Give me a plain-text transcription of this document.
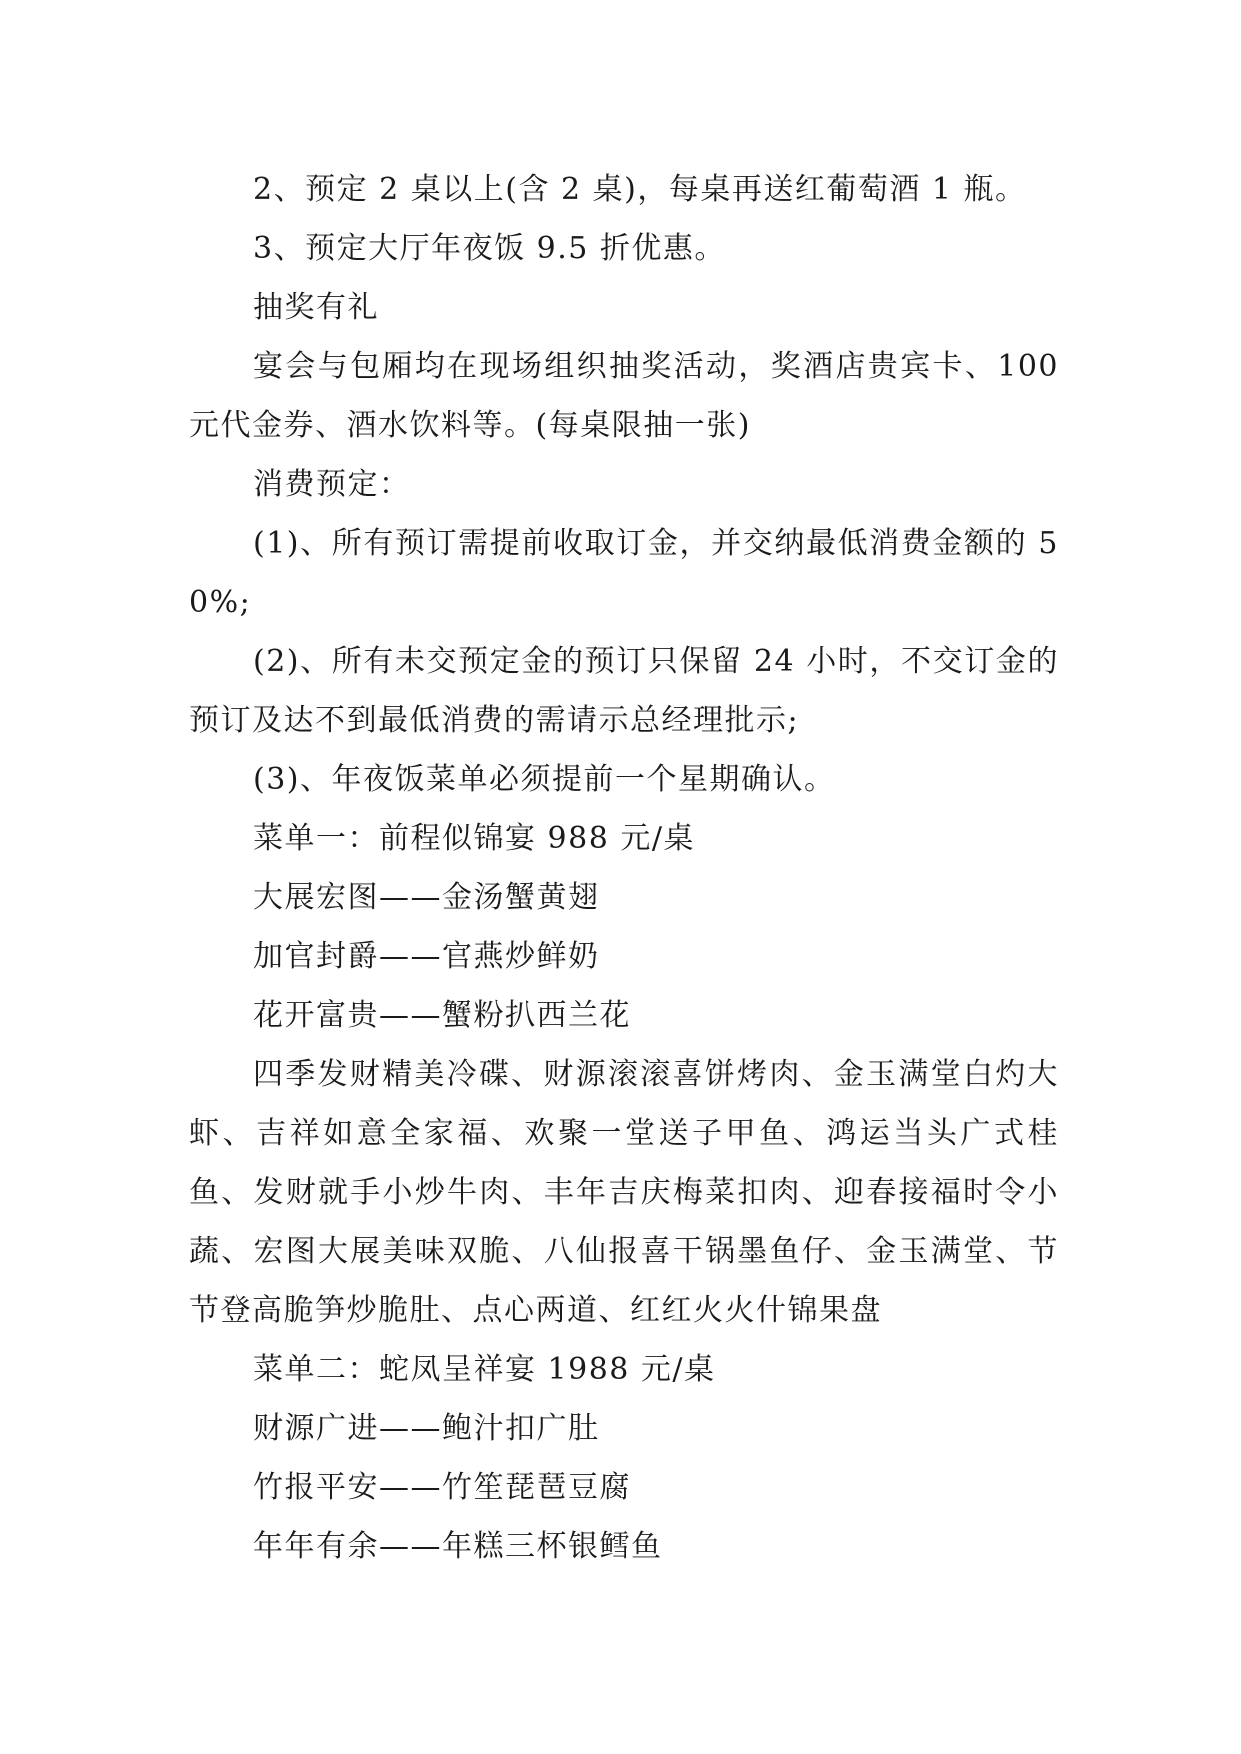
2、预定 2 桌以上(含 2 桌)，每桌再送红葡萄酒 1 瓶。

3、预定大厅年夜饭 9.5 折优惠。

抽奖有礼

宴会与包厢均在现场组织抽奖活动，奖酒店贵宾卡、100 元代金券、酒水饮料等。(每桌限抽一张)

消费预定：

(1)、所有预订需提前收取订金，并交纳最低消费金额的 50%;

(2)、所有未交预定金的预订只保留 24 小时，不交订金的预订及达不到最低消费的需请示总经理批示;

(3)、年夜饭菜单必须提前一个星期确认。

菜单一：前程似锦宴 988 元/桌

大展宏图——金汤蟹黄翅

加官封爵——官燕炒鲜奶

花开富贵——蟹粉扒西兰花

四季发财精美冷碟、财源滚滚喜饼烤肉、金玉满堂白灼大虾、吉祥如意全家福、欢聚一堂送子甲鱼、鸿运当头广式桂鱼、发财就手小炒牛肉、丰年吉庆梅菜扣肉、迎春接福时令小蔬、宏图大展美味双脆、八仙报喜干锅墨鱼仔、金玉满堂、节节登高脆笋炒脆肚、点心两道、红红火火什锦果盘

菜单二：蛇凤呈祥宴 1988 元/桌

财源广进——鲍汁扣广肚

竹报平安——竹笙琵琶豆腐

年年有余——年糕三杯银鳕鱼
